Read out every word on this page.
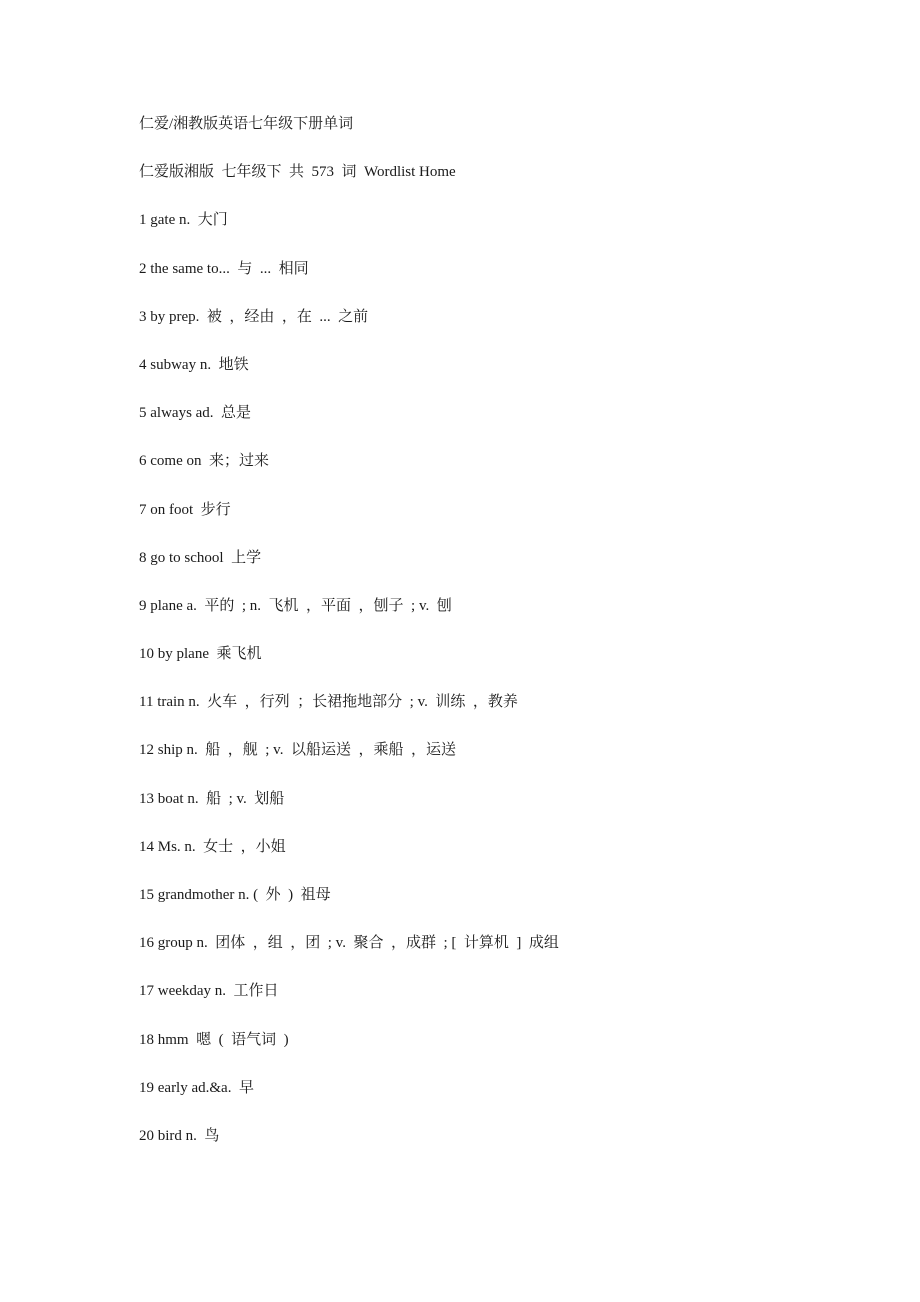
仁爱/湘教版英语七年级下册单词
仁爱版湘版  七年级下  共  573  词  Wordlist Home
1 gate n.  大门
2 the same to...  与  ...  相同
3 by prep.  被  ，经由  ，在  ...  之前
4 subway n.  地铁
5 always ad.  总是
6 come on  来；过来
7 on foot  步行
8 go to school  上学
9 plane a.  平的  ; n.  飞机  ，平面  ，刨子  ; v.  刨
10 by plane  乘飞机
11 train n.  火车  ，行列  ；长裙拖地部分  ; v.  训练  ，教养
12 ship n.  船  ，舰  ; v.  以船运送  ，乘船  ，运送
13 boat n.  船  ; v.  划船
14 Ms. n.  女士  ，小姐
15 grandmother n. (  外  )  祖母
16 group n.  团体  ，组  ，团  ; v.  聚合  ，成群  ; [  计算机  ]  成组
17 weekday n.  工作日
18 hmm  嗯  (  语气词  )
19 early ad.&a.  早
20 bird n.  鸟
